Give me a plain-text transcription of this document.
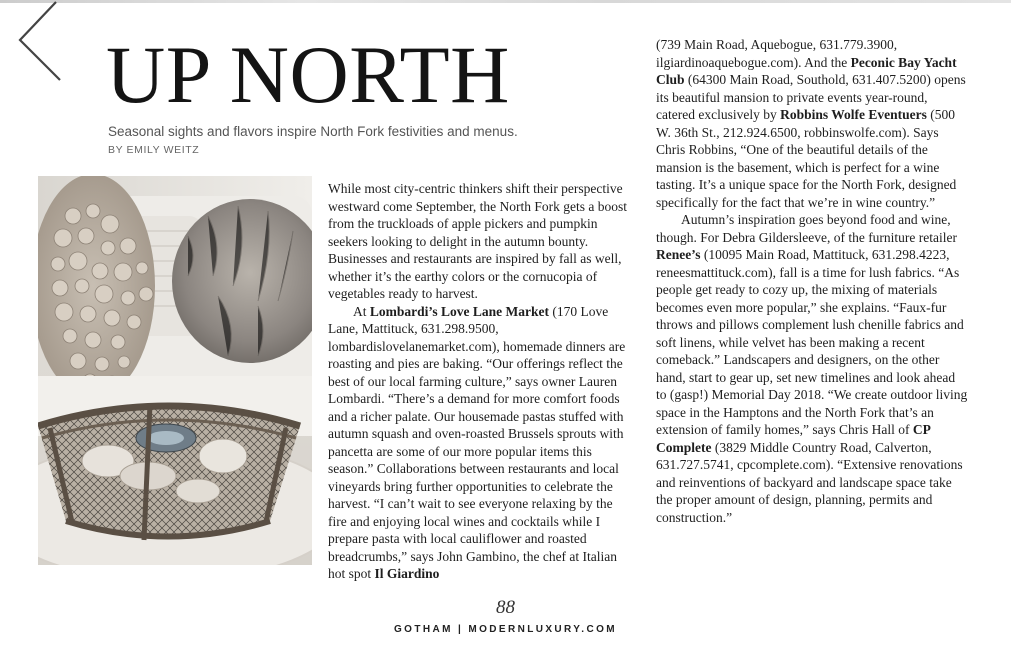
UP NORTH

Seasonal sights and flavors inspire North Fork festivities and menus.

BY EMILY WEITZ

While most city-centric thinkers shift their perspective westward come September, the North Fork gets a boost from the truckloads of apple pickers and pumpkin seekers looking to delight in the autumn bounty. Businesses and restaurants are inspired by fall as well, whether it’s the earthy colors or the cornucopia of vegetables ready to harvest.

At Lombardi’s Love Lane Market (170 Love Lane, Mattituck, 631.298.9500, lombardislovelanemarket.com), homemade dinners are roasting and pies are baking. “Our offerings reflect the best of our local farming culture,” says owner Lauren Lombardi. “There’s a demand for more comfort foods and a richer palate. Our housemade pastas stuffed with autumn squash and oven-roasted Brussels sprouts with pancetta are some of our more popular items this season.” Collaborations between restaurants and local vineyards bring further opportunities to celebrate the harvest. “I can’t wait to see everyone relaxing by the fire and enjoying local wines and cocktails while I prepare pasta with local cauliflower and roasted breadcrumbs,” says John Gambino, the chef at Italian hot spot Il Giardino

(739 Main Road, Aquebogue, 631.779.3900, ilgiardinoaquebogue.com). And the Peconic Bay Yacht Club (64300 Main Road, Southold, 631.407.5200) opens its beautiful mansion to private events year-round, catered exclusively by Robbins Wolfe Eventuers (500 W. 36th St., 212.924.6500, robbinswolfe.com). Says Chris Robbins, “One of the beautiful details of the mansion is the basement, which is perfect for a wine tasting. It’s a unique space for the North Fork, designed specifically for the fact that we’re in wine country.”

Autumn’s inspiration goes beyond food and wine, though. For Debra Gildersleeve, of the furniture retailer Renee’s (10095 Main Road, Mattituck, 631.298.4223, reneesmattituck.com), fall is a time for lush fabrics. “As people get ready to cozy up, the mixing of materials becomes even more popular,” she explains. “Faux-fur throws and pillows complement lush chenille fabrics and soft linens, while velvet has been making a recent comeback.” Landscapers and designers, on the other hand, start to gear up, set new timelines and look ahead to (gasp!) Memorial Day 2018. “We create outdoor living space in the Hamptons and the North Fork that’s an extension of family homes,” says Chris Hall of CP Complete (3829 Middle Country Road, Calverton, 631.727.5741, cpcomplete.com). “Extensive renovations and reinventions of backyard and landscape space take the proper amount of design, planning, permits and construction.”

88
GOTHAM | MODERNLUXURY.COM
